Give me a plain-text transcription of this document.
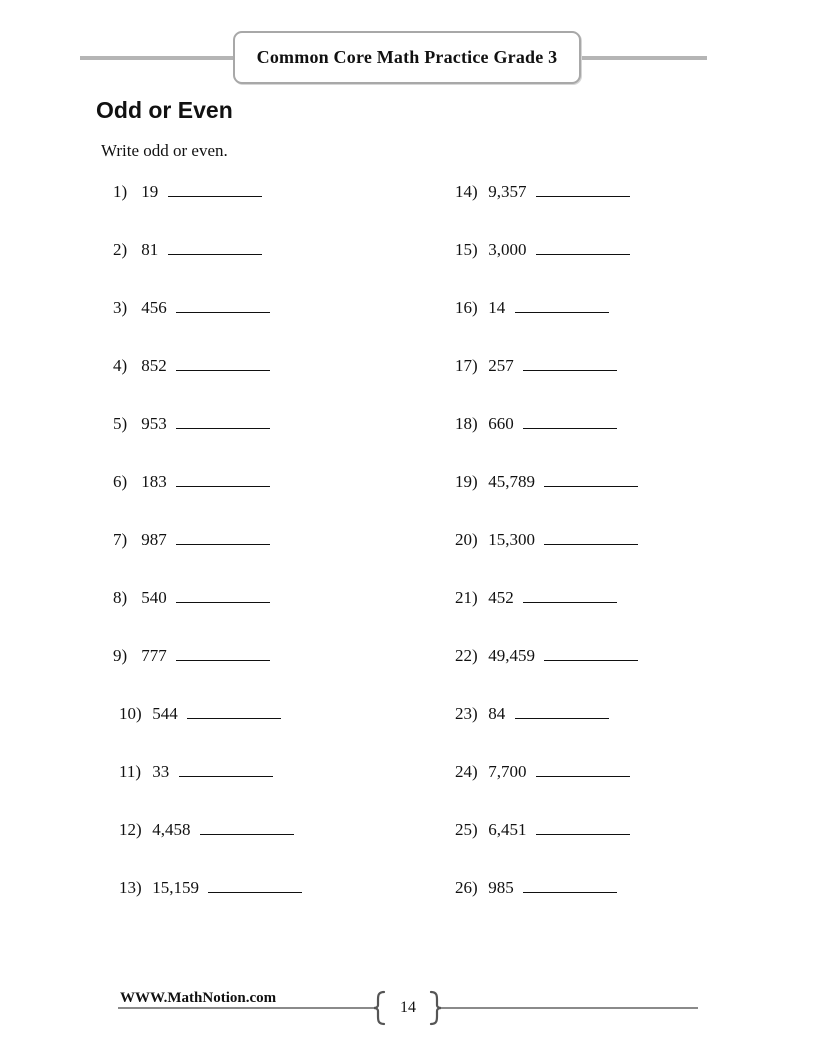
Common Core Math Practice Grade 3
Odd or Even
Write odd or even.
1) 19
2) 81
3) 456
4) 852
5) 953
6) 183
7) 987
8) 540
9) 777
10) 544
11) 33
12) 4,458
13) 15,159
14) 9,357
15) 3,000
16) 14
17) 257
18) 660
19) 45,789
20) 15,300
21) 452
22) 49,459
23) 84
24) 7,700
25) 6,451
26) 985
WWW.MathNotion.com
14
